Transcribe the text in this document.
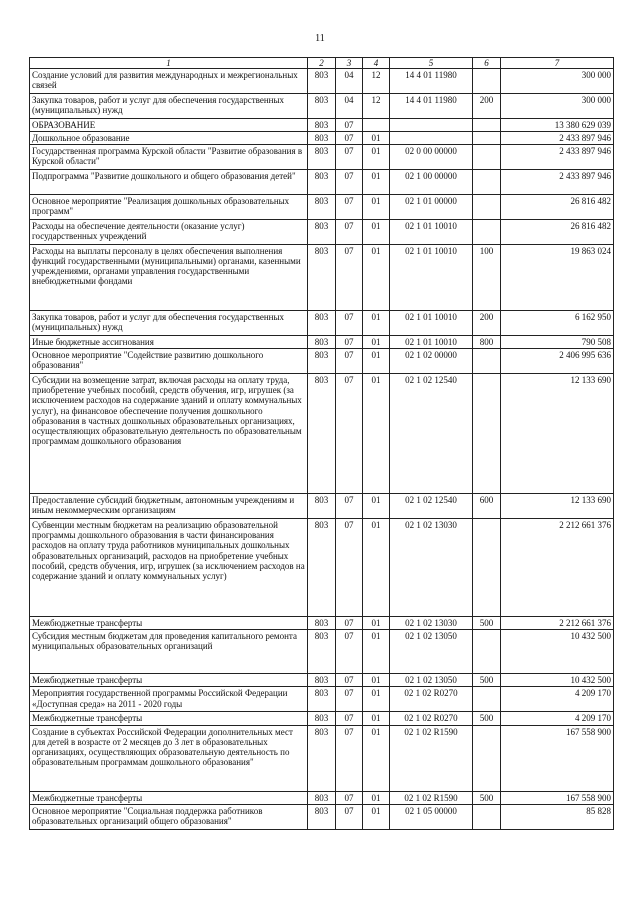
11
1	2	3	4	5	6	7
Создание условий для развития международных и межрегиональных связей	803	04	12	14 4 01 11980		300 000
Закупка товаров, работ и услуг для обеспечения государственных (муниципальных) нужд	803	04	12	14 4 01 11980	200	300 000
ОБРАЗОВАНИЕ	803	07				13 380 629 039
Дошкольное образование	803	07	01			2 433 897 946
Государственная программа Курской области "Развитие образования в Курской области"	803	07	01	02 0 00 00000		2 433 897 946
Подпрограмма "Развитие дошкольного и общего образования детей"	803	07	01	02 1 00 00000		2 433 897 946
Основное мероприятие "Реализация дошкольных образовательных программ"	803	07	01	02 1 01 00000		26 816 482
Расходы на обеспечение деятельности (оказание услуг) государственных учреждений	803	07	01	02 1 01 10010		26 816 482
Расходы на выплаты персоналу в целях обеспечения выполнения функций государственными (муниципальными) органами, казенными учреждениями, органами управления государственными внебюджетными фондами	803	07	01	02 1 01 10010	100	19 863 024
Закупка товаров, работ и услуг для обеспечения государственных (муниципальных) нужд	803	07	01	02 1 01 10010	200	6 162 950
Иные бюджетные ассигнования	803	07	01	02 1 01 10010	800	790 508
Основное мероприятие "Содействие развитию дошкольного образования"	803	07	01	02 1 02 00000		2 406 995 636
Субсидии на возмещение затрат, включая расходы на оплату труда, приобретение учебных пособий, средств обучения, игр, игрушек (за исключением расходов на содержание зданий и оплату коммунальных услуг), на финансовое обеспечение получения дошкольного образования в частных дошкольных образовательных организациях, осуществляющих образовательную деятельность по образовательным программам дошкольного образования	803	07	01	02 1 02 12540		12 133 690
Предоставление субсидий бюджетным, автономным учреждениям и иным некоммерческим организациям	803	07	01	02 1 02 12540	600	12 133 690
Субвенции местным бюджетам на реализацию образовательной программы дошкольного образования в части финансирования расходов на оплату труда работников муниципальных дошкольных образовательных организаций, расходов на приобретение учебных пособий, средств обучения, игр, игрушек (за исключением расходов на содержание зданий и оплату коммунальных услуг)	803	07	01	02 1 02 13030		2 212 661 376
Межбюджетные трансферты	803	07	01	02 1 02 13030	500	2 212 661 376
Субсидия местным бюджетам для проведения капитального ремонта муниципальных образовательных организаций	803	07	01	02 1 02 13050		10 432 500
Межбюджетные трансферты	803	07	01	02 1 02 13050	500	10 432 500
Мероприятия государственной программы Российской Федерации «Доступная среда» на 2011 - 2020 годы	803	07	01	02 1 02 R0270		4 209 170
Межбюджетные трансферты	803	07	01	02 1 02 R0270	500	4 209 170
Создание в субъектах Российской Федерации дополнительных мест для детей в возрасте от 2 месяцев до 3 лет в образовательных организациях, осуществляющих образовательную деятельность по образовательным программам дошкольного образования"	803	07	01	02 1 02 R1590		167 558 900
Межбюджетные трансферты	803	07	01	02 1 02 R1590	500	167 558 900
Основное мероприятие "Социальная поддержка работников образовательных организаций общего образования"	803	07	01	02 1 05 00000		85 828
